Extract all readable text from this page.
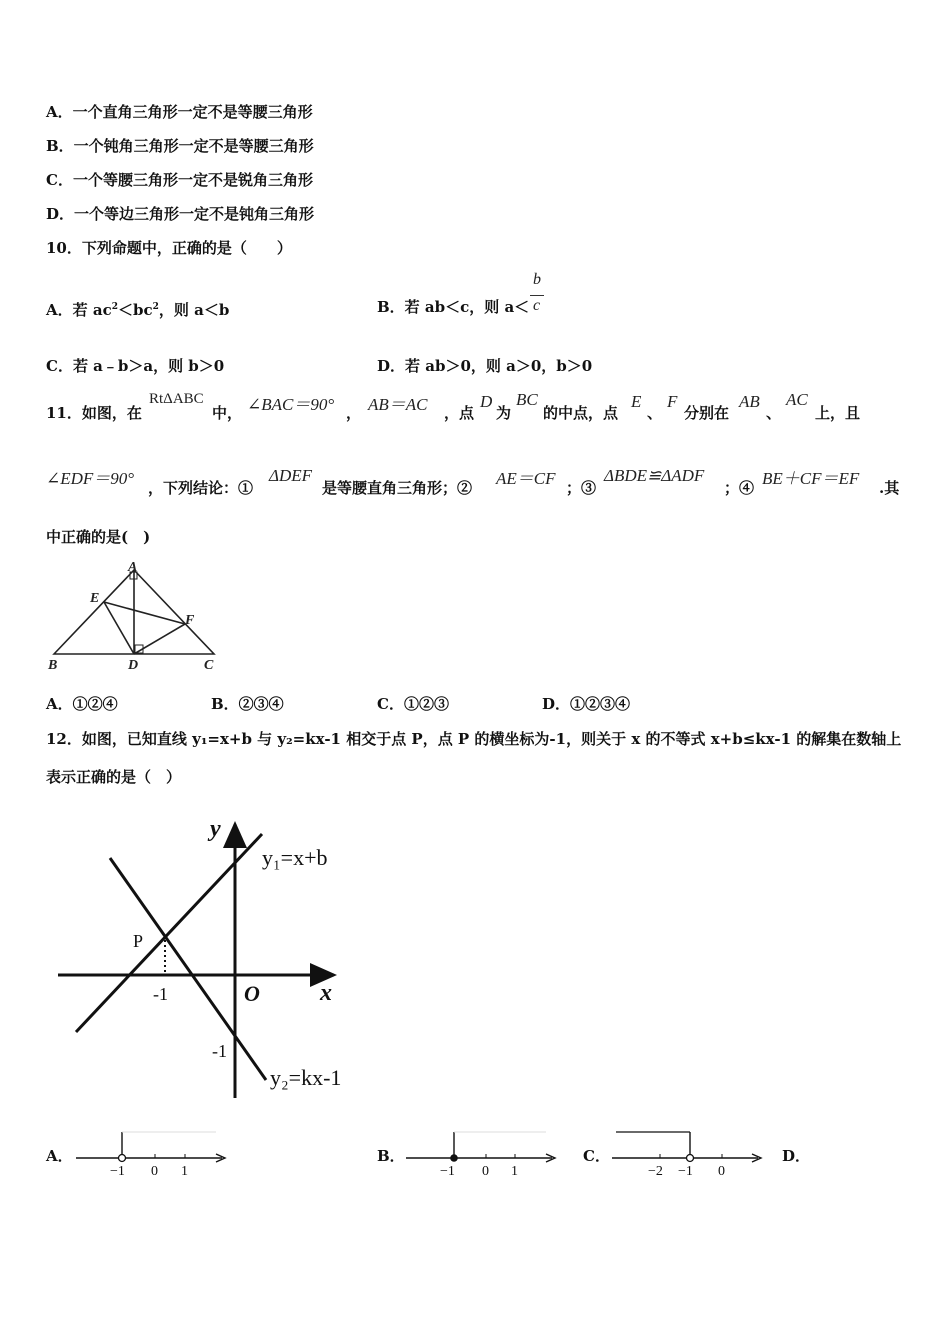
A．一个直角三角形一定不是等腰三角形
B．一个钝角三角形一定不是等腰三角形
C．一个等腰三角形一定不是锐角三角形
D．一个等边三角形一定不是钝角三角形
10．下列命题中，正确的是（　　）
A．若 $ac^2<bc^2$，则 a＜b	B．若 ab＜c，则 a＜
b
c
C．若 a﹣b＞a，则 b＞0	D．若 ab＞0，则 a＞0，b＞0
11．如图，在
RtΔABC
中， ∠BAC＝90° ， AB＝AC ，点
D
为
BC
的中点，点
E
、
F
分别在
AB
、
AC
上，且
∠EDF＝90° ，下列结论：①
ΔDEF
是等腰直角三角形；② AE＝CF ；③
ΔBDE≌ΔADF
；④ BE＋CF＝EF .其
中正确的是(　)
A
B	C
D
E
F
A．①②④	B．②③④	C．①②③	D．①②③④
12．如图，已知直线 y₁=x+b 与 y₂=kx-1 相交于点 P，点 P 的横坐标为-1，则关于 x 的不等式 x+b≤kx-1 的解集在数轴上
表示正确的是（　）
y
x
O
y₁=x+b
y₂=kx-1
P
-1
-1
A．
−1 0 1
B．
−1 0 1
C．
−2 −1 0
D．
